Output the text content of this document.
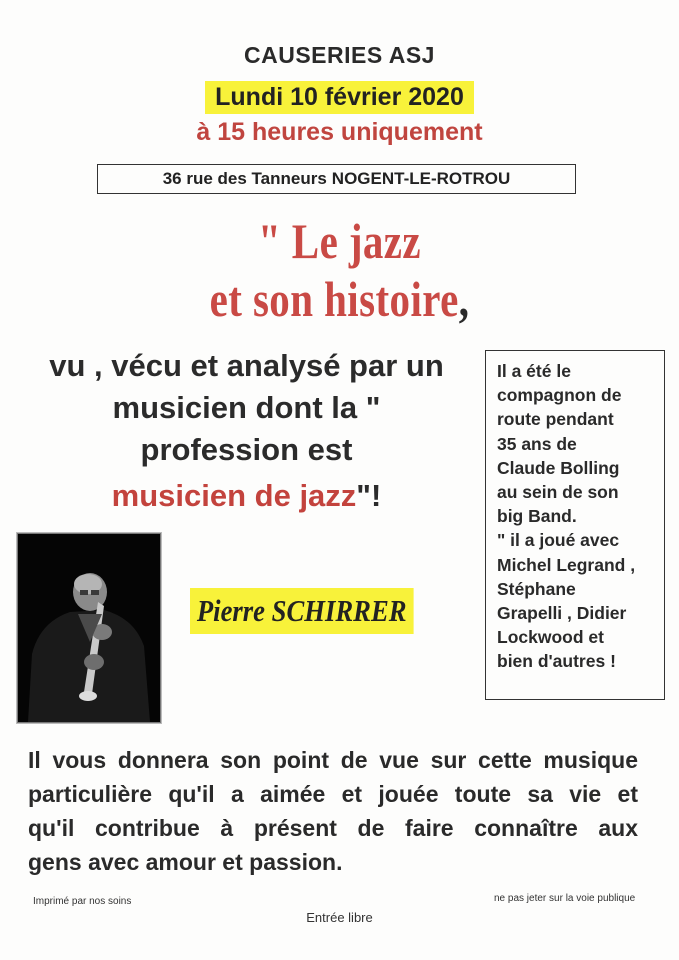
CAUSERIES ASJ
Lundi 10 février 2020
à 15 heures uniquement
36 rue des Tanneurs NOGENT-LE-ROTROU
" Le jazz
et son histoire,
vu , vécu et analysé par un
musicien dont la "
profession est
musicien de jazz"!
Il a été le
compagnon de
route pendant
35 ans de
Claude Bolling
au sein de son
big Band.
" il a joué avec
Michel Legrand ,
Stéphane
Grapelli , Didier
Lockwood et
bien d'autres !
Pierre SCHIRRER
Il vous donnera son point de vue sur cette musique
particulière qu'il a aimée et jouée toute sa vie et
qu'il contribue à présent de faire connaître aux
gens avec amour et passion.
Imprimé par nos soins	ne pas jeter sur la voie publique
Entrée libre
